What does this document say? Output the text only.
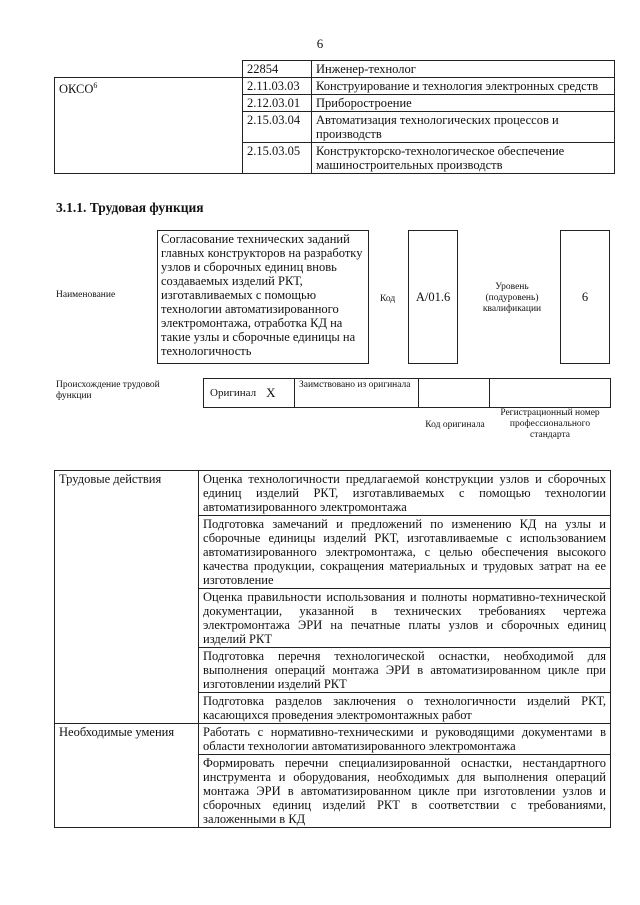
6
	22854	Инженер-технолог
ОКСО$^6$	2.11.03.03	Конструирование и технология электронных средств
	2.12.03.01	Приборостроение
	2.15.03.04	Автоматизация технологических процессов и производств
	2.15.03.05	Конструкторско-технологическое обеспечение машиностроительных производств
3.1.1. Трудовая функция
Наименование
Согласование технических заданий главных конструкторов на разработку узлов и сборочных единиц вновь создаваемых изделий РКТ, изготавливаемых с помощью технологии автоматизированного электромонтажа, отработка КД на такие узлы и сборочные единицы на технологичность
Код А/01.6
Уровень (подуровень) квалификации
6
Происхождение трудовой функции	Оригинал X	Заимствовано из оригинала
Код оригинала
Регистрационный номер профессионального стандарта
Трудовые действия	Оценка технологичности предлагаемой конструкции узлов и сборочных единиц изделий РКТ, изготавливаемых с помощью технологии автоматизированного электромонтажа
	Подготовка замечаний и предложений по изменению КД на узлы и сборочные единицы изделий РКТ, изготавливаемые с использованием автоматизированного электромонтажа, с целью обеспечения высокого качества продукции, сокращения материальных и трудовых затрат на ее изготовление
	Оценка правильности использования и полноты нормативно-технической документации, указанной в технических требованиях чертежа электромонтажа ЭРИ на печатные платы узлов и сборочных единиц изделий РКТ
	Подготовка перечня технологической оснастки, необходимой для выполнения операций монтажа ЭРИ в автоматизированном цикле при изготовлении изделий РКТ
	Подготовка разделов заключения о технологичности изделий РКТ, касающихся проведения электромонтажных работ
Необходимые умения	Работать с нормативно-техническими и руководящими документами в области технологии автоматизированного электромонтажа
	Формировать перечни специализированной оснастки, нестандартного инструмента и оборудования, необходимых для выполнения операций монтажа ЭРИ в автоматизированном цикле при изготовлении узлов и сборочных единиц изделий РКТ в соответствии с требованиями, заложенными в КД
